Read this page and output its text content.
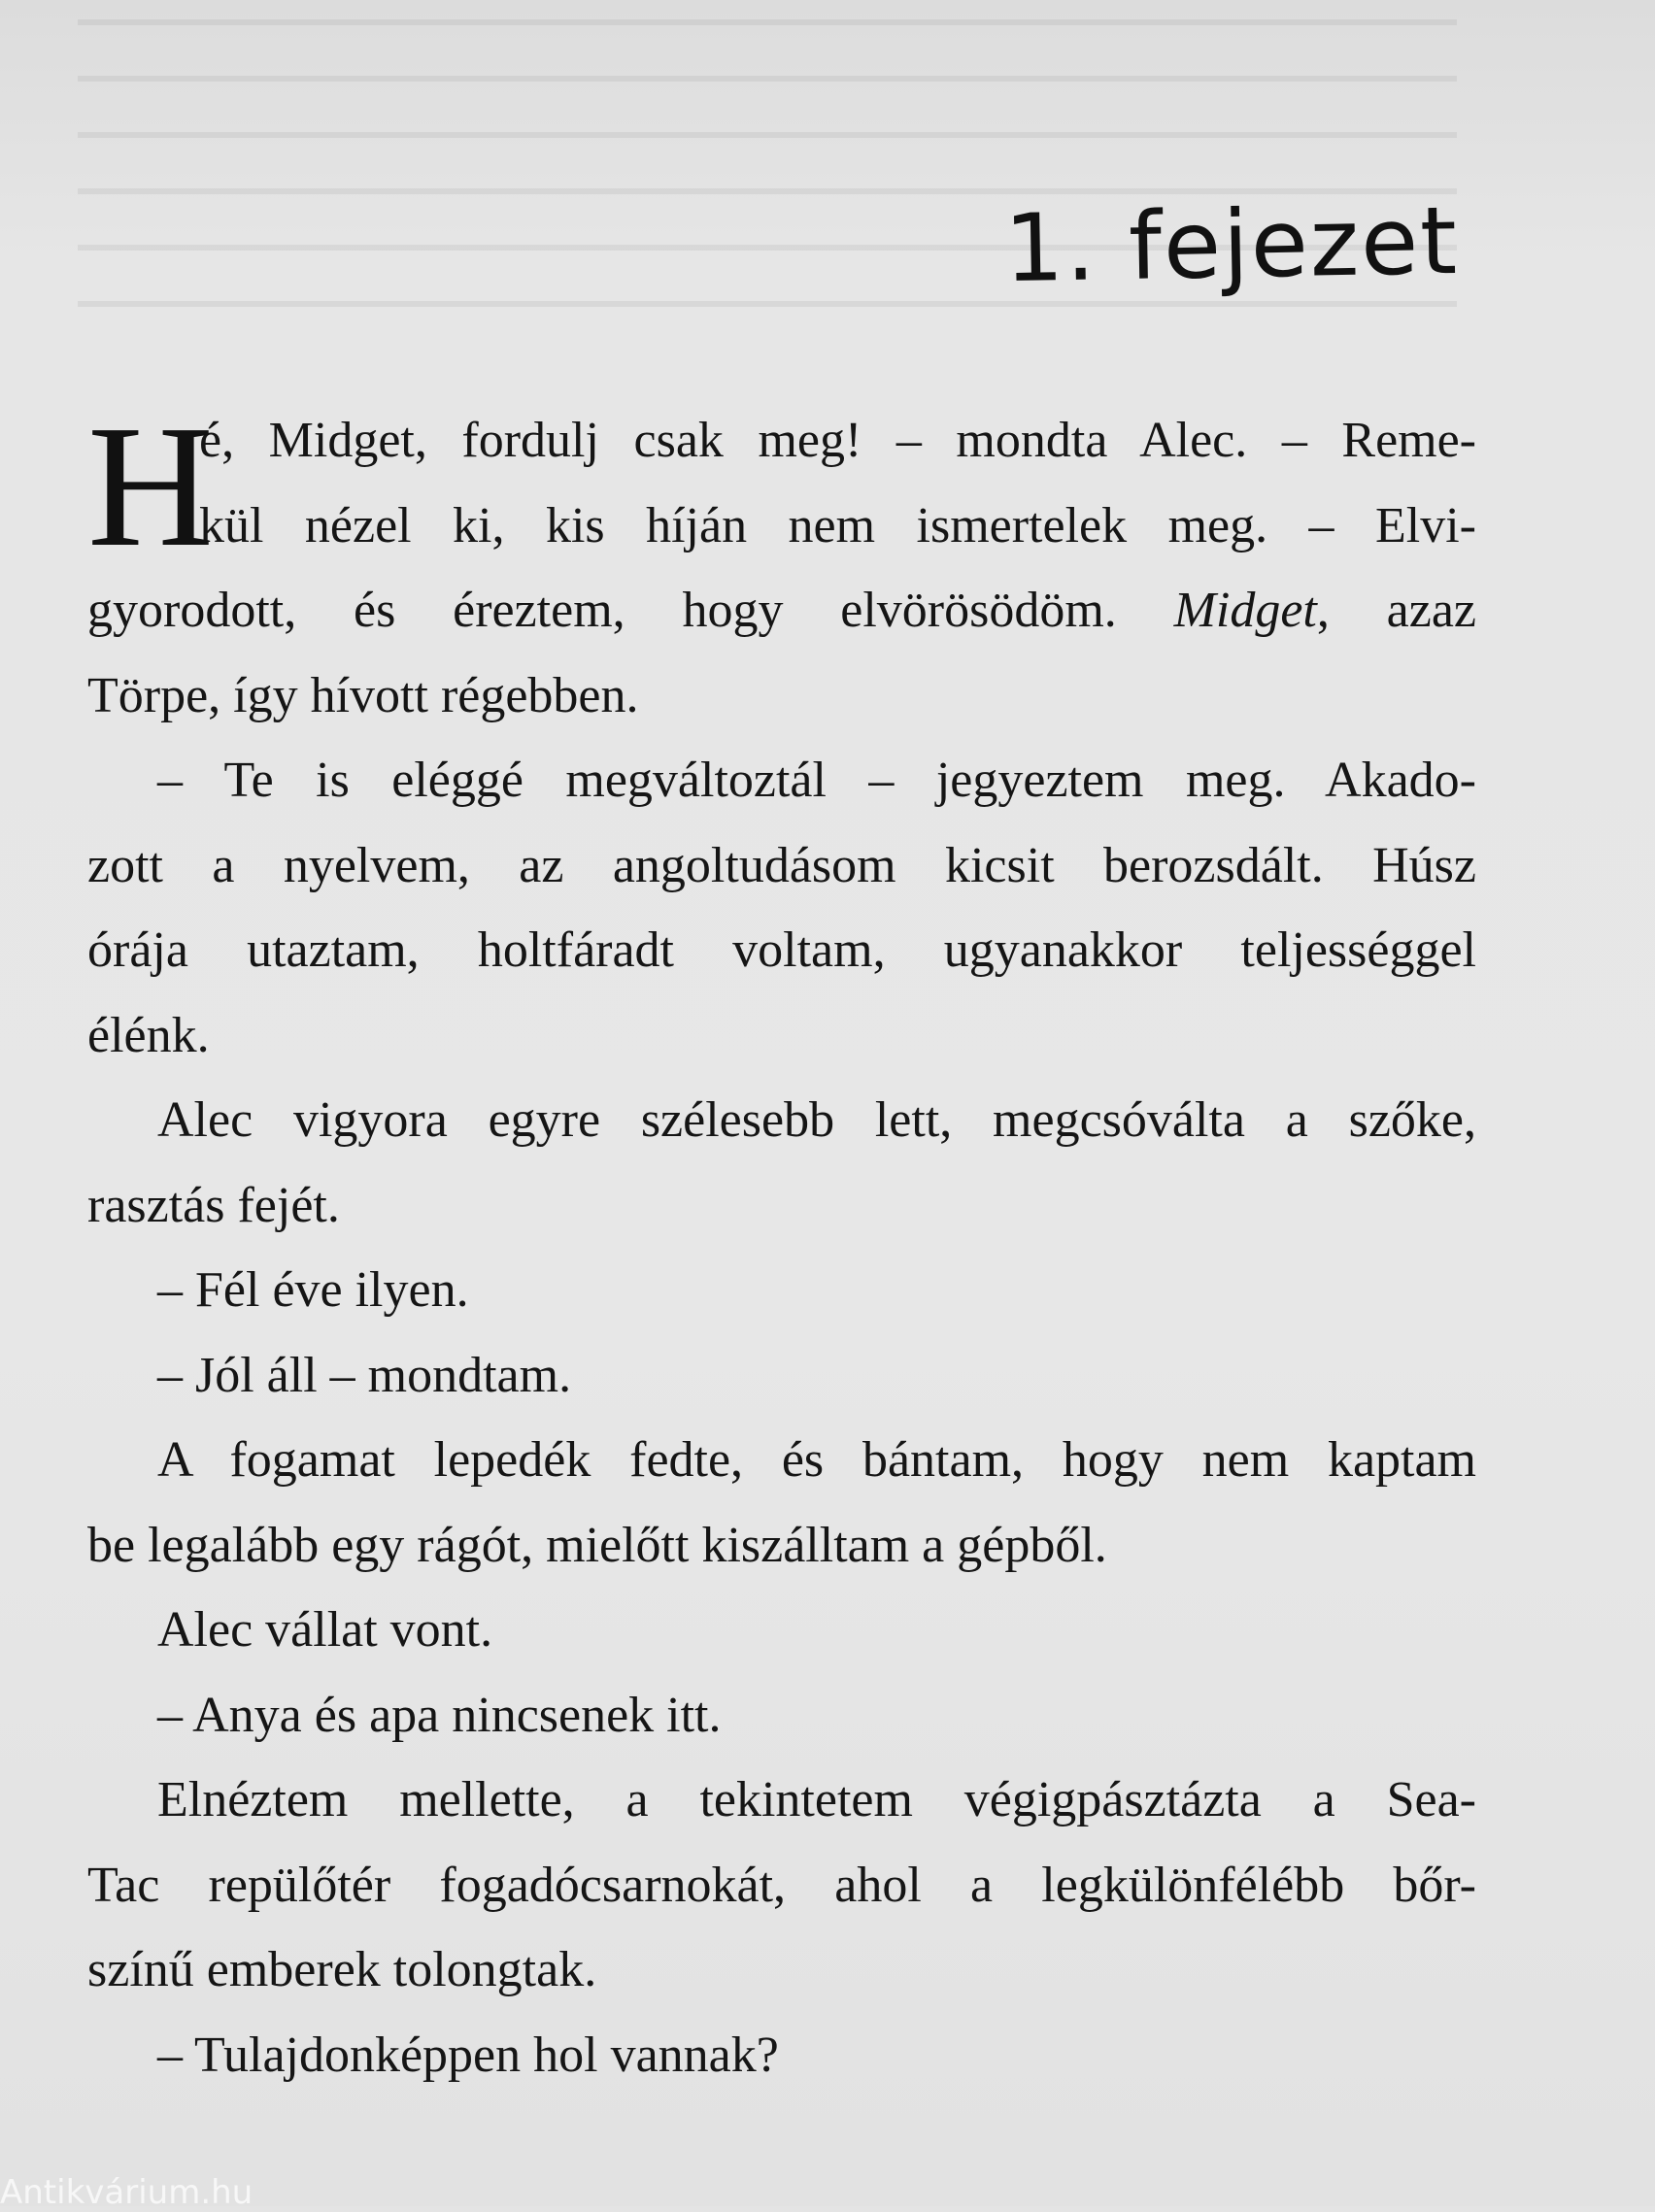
1. fejezet
H
é, Midget, fordulj csak meg! – mondta Alec. – Reme-
kül nézel ki, kis híján nem ismertelek meg. – Elvi-
gyorodott, és éreztem, hogy elvörösödöm. Midget, azaz
Törpe, így hívott régebben.
– Te is eléggé megváltoztál – jegyeztem meg. Akado-
zott a nyelvem, az angoltudásom kicsit berozsdált. Húsz
órája utaztam, holtfáradt voltam, ugyanakkor teljességgel
élénk.
Alec vigyora egyre szélesebb lett, megcsóválta a szőke,
rasztás fejét.
– Fél éve ilyen.
– Jól áll – mondtam.
A fogamat lepedék fedte, és bántam, hogy nem kaptam
be legalább egy rágót, mielőtt kiszálltam a gépből.
Alec vállat vont.
– Anya és apa nincsenek itt.
Elnéztem mellette, a tekintetem végigpásztázta a Sea-
Tac repülőtér fogadócsarnokát, ahol a legkülönfélébb bőr-
színű emberek tolongtak.
– Tulajdonképpen hol vannak?
Antikvárium.hu
